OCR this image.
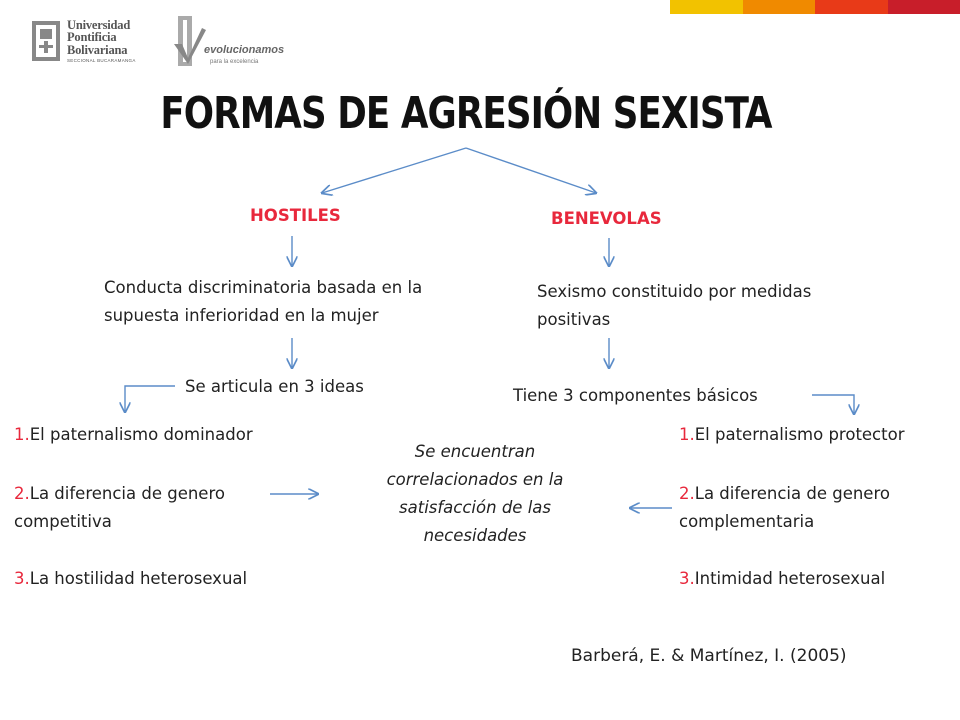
Universidad
Pontificia
Bolivariana
SECCIONAL BUCARAMANGA
evolucionamos
para la excelencia
FORMAS DE AGRESIÓN SEXISTA
HOSTILES	BENEVOLAS
Conducta discriminatoria basada en la
supuesta inferioridad en la mujer
Sexismo constituido por medidas
positivas
Se articula en 3 ideas	Tiene 3 componentes básicos
1.El paternalismo dominador
2.La diferencia de genero
competitiva
3.La hostilidad heterosexual
1.El paternalismo protector
2.La diferencia de genero
complementaria
3.Intimidad heterosexual
Se encuentran
correlacionados en la
satisfacción de las
necesidades
Barberá, E. & Martínez, I. (2005)
